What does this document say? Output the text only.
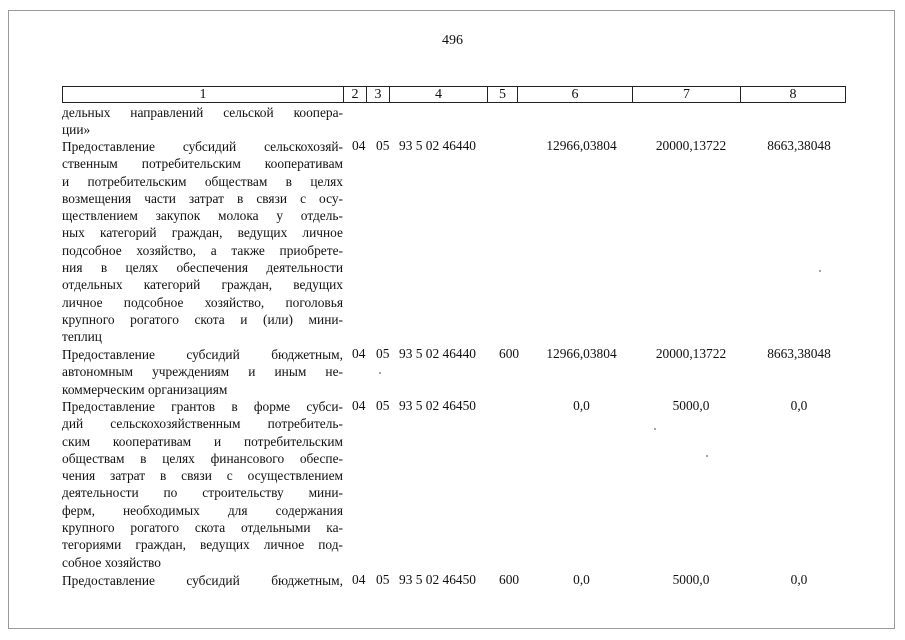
496
1	2	3	4	5	6	7	8
дельных направлений сельской коопера-
ции»
Предоставление субсидий сельскохозяй-
ственным потребительским кооперативам
и потребительским обществам в целях
возмещения части затрат в связи с осу-
ществлением закупок молока у отдель-
ных категорий граждан, ведущих личное
подсобное хозяйство, а также приобрете-
ния в целях обеспечения деятельности
отдельных категорий граждан, ведущих
личное подсобное хозяйство, поголовья
крупного рогатого скота и (или) мини-
теплиц
04 05 93 5 02 46440	12966,03804	20000,13722	8663,38048
Предоставление субсидий бюджетным,
автономным учреждениям и иным не-
коммерческим организациям
04 05 93 5 02 46440 600	12966,03804	20000,13722	8663,38048
Предоставление грантов в форме субси-
дий сельскохозяйственным потребитель-
ским кооперативам и потребительским
обществам в целях финансового обеспе-
чения затрат в связи с осуществлением
деятельности по строительству мини-
ферм, необходимых для содержания
крупного рогатого скота отдельными ка-
тегориями граждан, ведущих личное под-
собное хозяйство
04 05 93 5 02 46450	0,0	5000,0	0,0
Предоставление субсидий бюджетным, 04 05 93 5 02 46450 600	0,0	5000,0	0,0
